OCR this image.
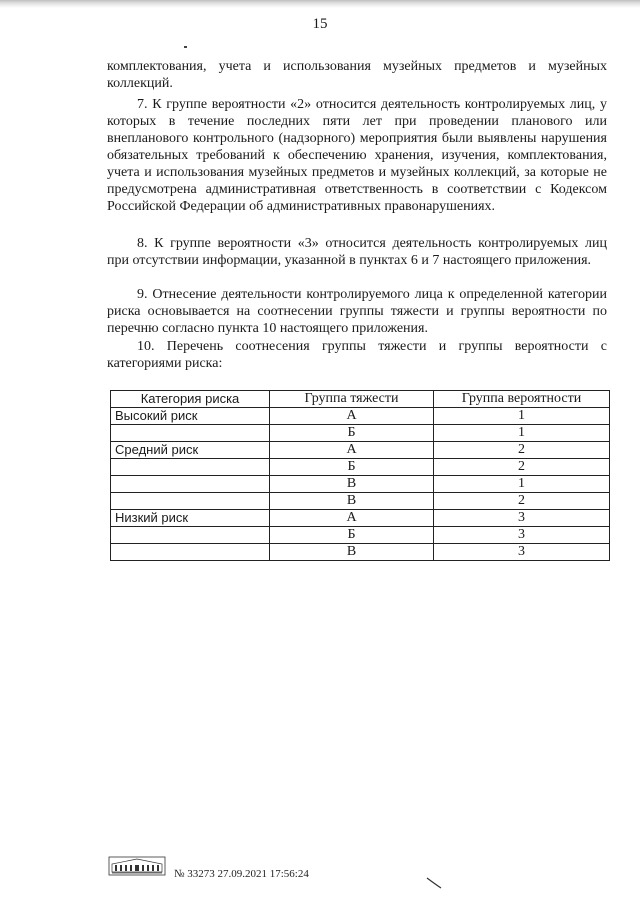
15

комплектования, учета и использования музейных предметов и музейных коллекций.

7. К группе вероятности «2» относится деятельность контролируемых лиц, у которых в течение последних пяти лет при проведении планового или внепланового контрольного (надзорного) мероприятия были выявлены нарушения обязательных требований к обеспечению хранения, изучения, комплектования, учета и использования музейных предметов и музейных коллекций, за которые не предусмотрена административная ответственность в соответствии с Кодексом Российской Федерации об административных правонарушениях.

8. К группе вероятности «3» относится деятельность контролируемых лиц при отсутствии информации, указанной в пунктах 6 и 7 настоящего приложения.

9. Отнесение деятельности контролируемого лица к определенной категории риска основывается на соотнесении группы тяжести и группы вероятности по перечню согласно пункта 10 настоящего приложения.

10. Перечень соотнесения группы тяжести и группы вероятности с категориями риска:

Категория риска	Группа тяжести	Группа вероятности
Высокий риск	А	1
	Б	1
Средний риск	А	2
	Б	2
	В	1
	В	2
Низкий риск	А	3
	Б	3
	В	3
№ 33273 27.09.2021 17:56:24
